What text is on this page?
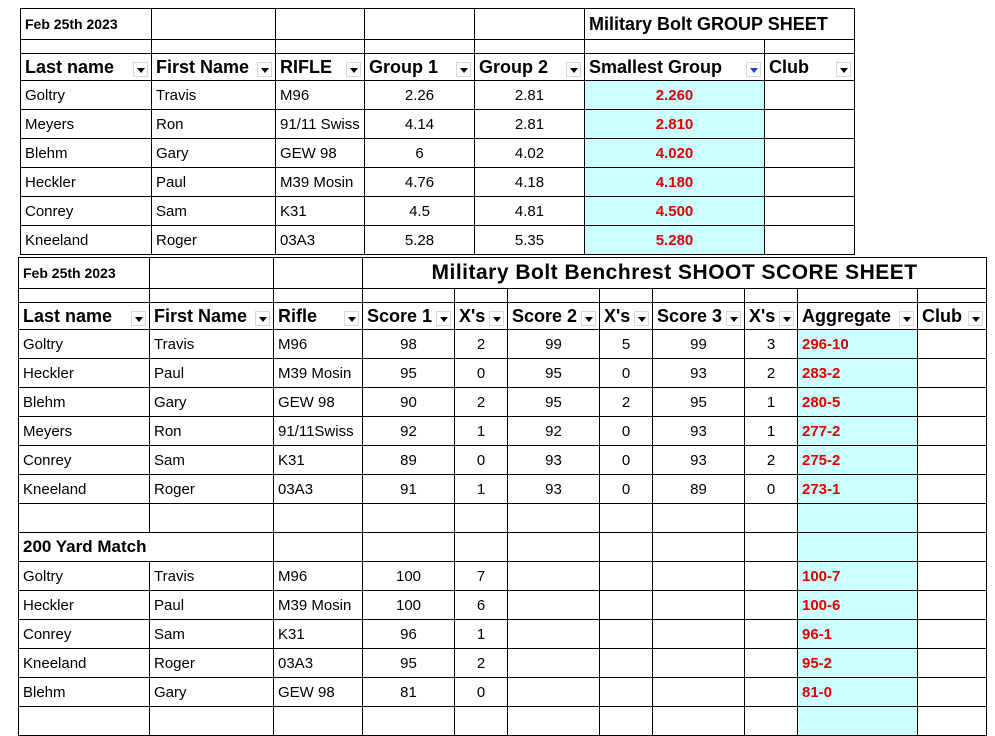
Feb 25th 2023					Military Bolt GROUP SHEET	

Last name	First Name	RIFLE	Group 1	Group 2	Smallest Group	Club

Goltry	Travis	M96	2.26	2.81	2.260	
Meyers	Ron	91/11 Swiss	4.14	2.81	2.810	
Blehm	Gary	GEW 98	6	4.02	4.020	
Heckler	Paul	M39 Mosin	4.76	4.18	4.180	
Conrey	Sam	K31	4.5	4.81	4.500	
Kneeland	Roger	03A3	5.28	5.35	5.280	
Feb 25th 2023			Military Bolt Benchrest SHOOT SCORE SHEET							

Last name	First Name	Rifle	Score 1	X's	Score 2	X's	Score 3	X's	Aggregate	Club

Goltry	Travis	M96	98	2	99	5	99	3	296-10	
Heckler	Paul	M39 Mosin	95	0	95	0	93	2	283-2	
Blehm	Gary	GEW 98	90	2	95	2	95	1	280-5	
Meyers	Ron	91/11Swiss	92	1	92	0	93	1	277-2	
Conrey	Sam	K31	89	0	93	0	93	2	275-2	
Kneeland	Roger	03A3	91	1	93	0	89	0	273-1	

200 Yard Match										
Goltry	Travis	M96	100	7					100-7	
Heckler	Paul	M39 Mosin	100	6					100-6	
Conrey	Sam	K31	96	1					96-1	
Kneeland	Roger	03A3	95	2					95-2	
Blehm	Gary	GEW 98	81	0					81-0	
